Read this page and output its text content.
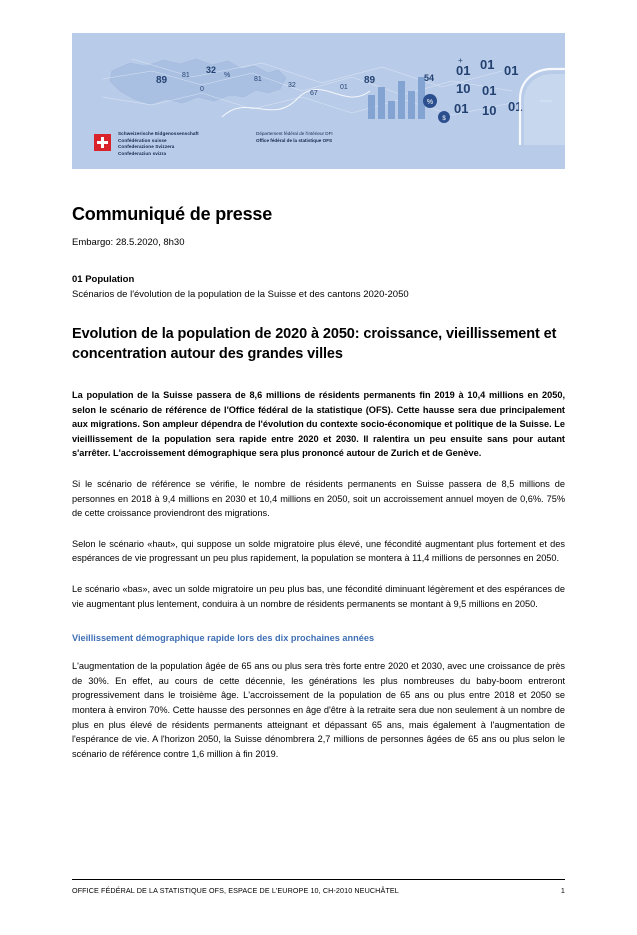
89 81
0
32
%
81
32
67
01
89	54
+
01 01 01
10 01
01 10 01
%
$
Schweizerische Eidgenossenschaft
Confédération suisse
Confederazione Svizzera
Confederaziun svizra
Département fédéral de l'intérieur DFI
Office fédéral de la statistique OFS
Communiqué de presse
Embargo: 28.5.2020, 8h30
01 Population
Scénarios de l'évolution de la population de la Suisse et des cantons 2020-2050
Evolution de la population de 2020 à 2050: croissance, vieillissement et concentration autour des grandes villes

La population de la Suisse passera de 8,6 millions de résidents permanents fin 2019 à 10,4 millions en 2050, selon le scénario de référence de l'Office fédéral de la statistique (OFS). Cette hausse sera due principalement aux migrations. Son ampleur dépendra de l'évolution du contexte socio-économique et politique de la Suisse. Le vieillissement de la population sera rapide entre 2020 et 2030. Il ralentira un peu ensuite sans pour autant s'arrêter. L'accroissement démographique sera plus prononcé autour de Zurich et de Genève.

Si le scénario de référence se vérifie, le nombre de résidents permanents en Suisse passera de 8,5 millions de personnes en 2018 à 9,4 millions en 2030 et 10,4 millions en 2050, soit un accroissement annuel moyen de 0,6%. 75% de cette croissance proviendront des migrations.

Selon le scénario «haut», qui suppose un solde migratoire plus élevé, une fécondité augmentant plus fortement et des espérances de vie progressant un peu plus rapidement, la population se montera à 11,4 millions de personnes en 2050.

Le scénario «bas», avec un solde migratoire un peu plus bas, une fécondité diminuant légèrement et des espérances de vie augmentant plus lentement, conduira à un nombre de résidents permanents se montant à 9,5 millions en 2050.

Vieillissement démographique rapide lors des dix prochaines années

L'augmentation de la population âgée de 65 ans ou plus sera très forte entre 2020 et 2030, avec une croissance de près de 30%. En effet, au cours de cette décennie, les générations les plus nombreuses du baby-boom entreront progressivement dans le troisième âge. L'accroissement de la population de 65 ans ou plus entre 2018 et 2050 se montera à environ 70%. Cette hausse des personnes en âge d'être à la retraite sera due non seulement à un nombre de plus en plus élevé de résidents permanents atteignant et dépassant 65 ans, mais également à l'augmentation de l'espérance de vie. A l'horizon 2050, la Suisse dénombrera 2,7 millions de personnes âgées de 65 ans ou plus selon le scénario de référence contre 1,6 million à fin 2019.

OFFICE FÉDÉRAL DE LA STATISTIQUE OFS, ESPACE DE L'EUROPE 10, CH-2010 NEUCHÂTEL	1
